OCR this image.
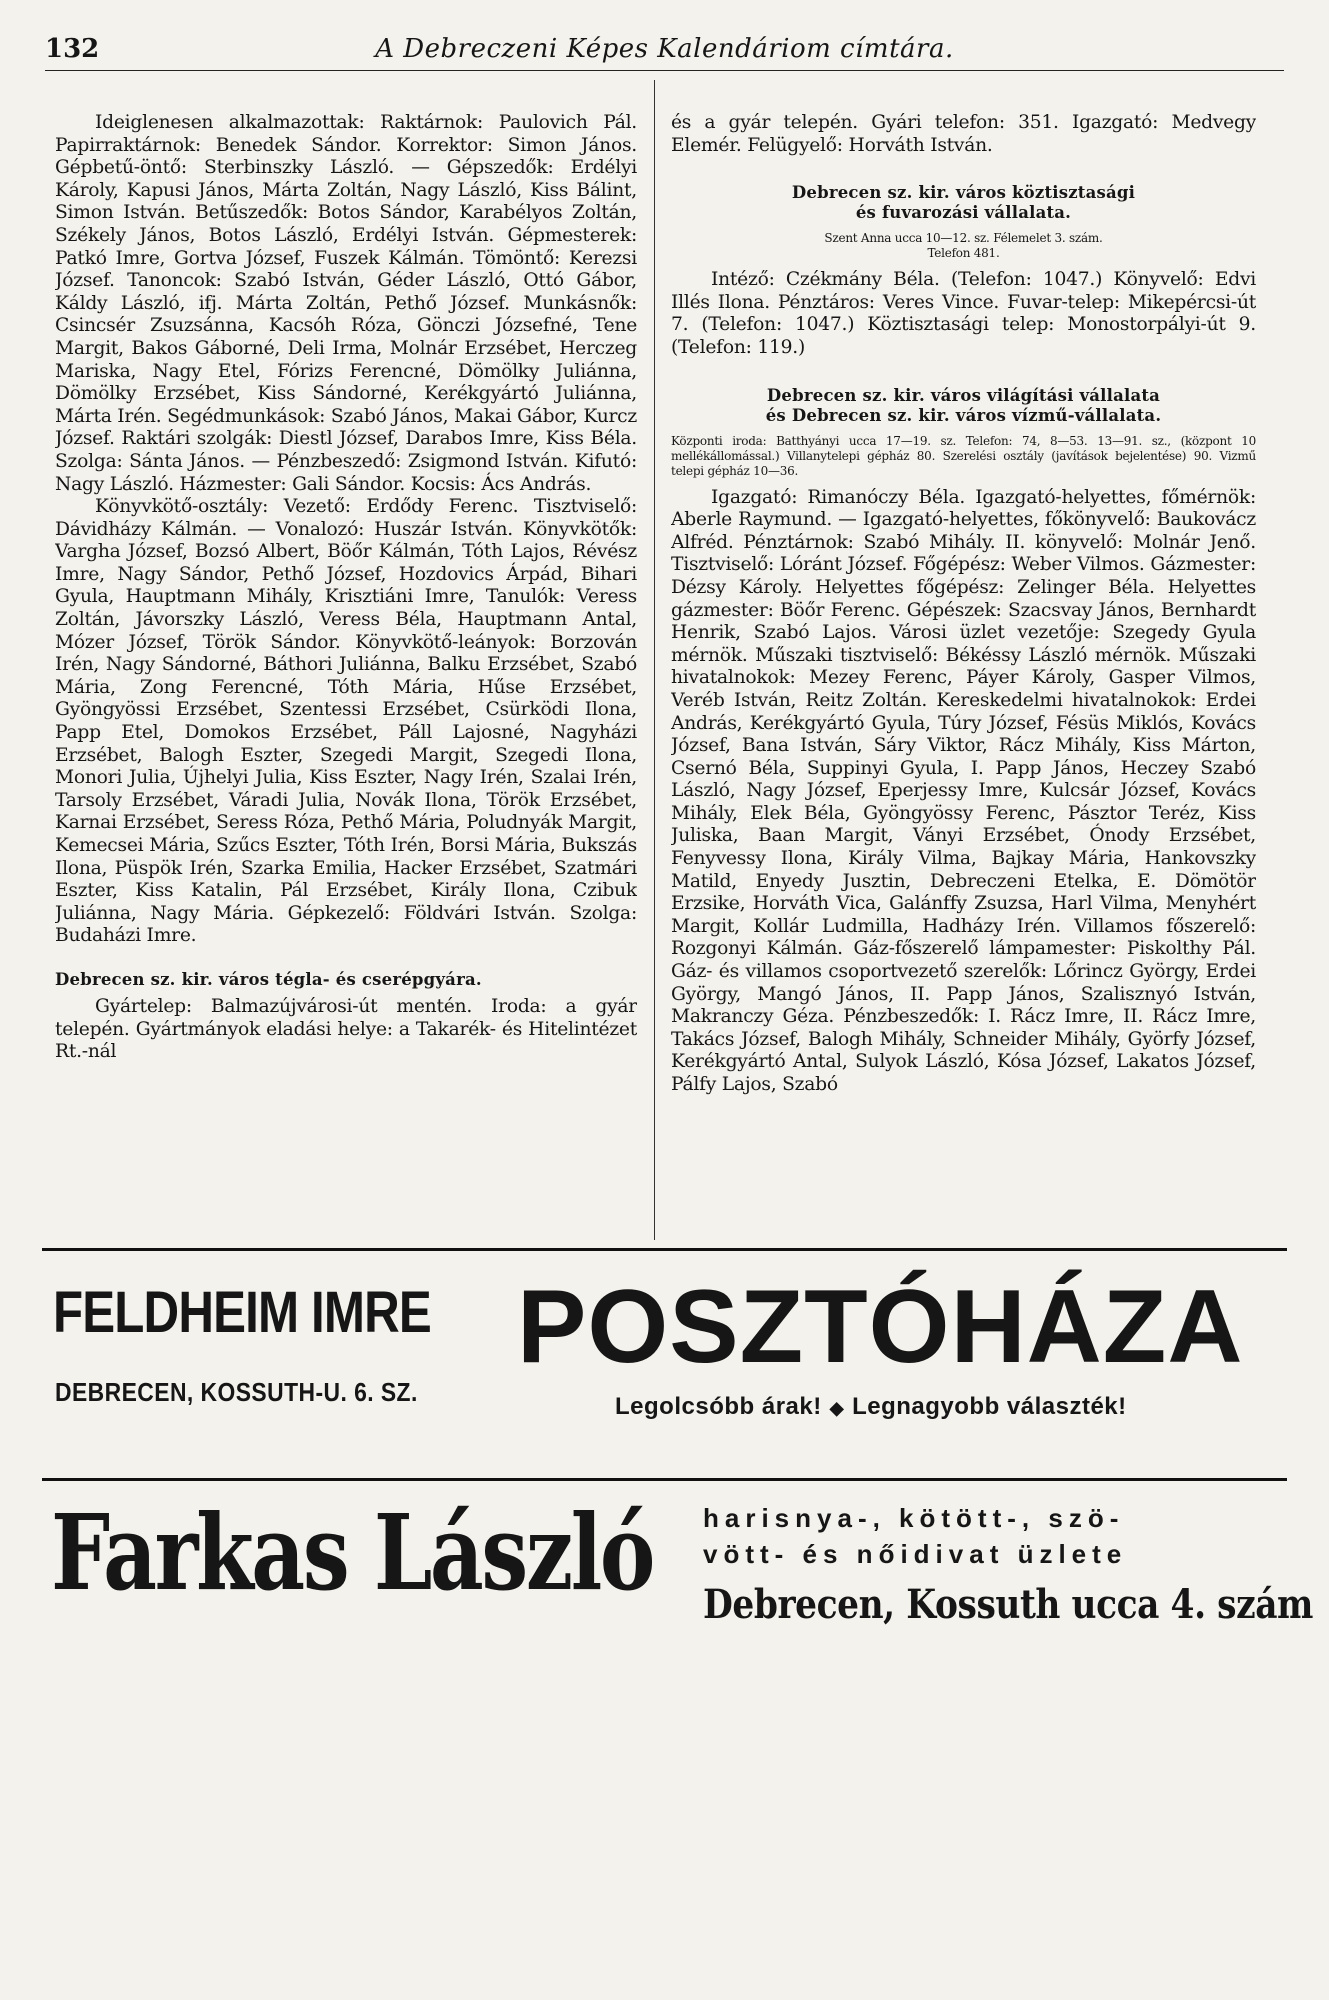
132	A Debreczeni Képes Kalendáriom címtára.

Ideiglenesen alkalmazottak: Raktárnok: Paulovich Pál. Papirraktárnok: Benedek Sándor. Korrektor: Simon János. Gépbetű-öntő: Sterbinszky László. — Gépszedők: Erdélyi Károly, Kapusi János, Márta Zoltán, Nagy László, Kiss Bálint, Simon István. Betűszedők: Botos Sándor, Karabélyos Zoltán, Székely János, Botos László, Erdélyi István. Gépmesterek: Patkó Imre, Gortva József, Fuszek Kálmán. Tömöntő: Kerezsi József. Tanoncok: Szabó István, Géder László, Ottó Gábor, Káldy László, ifj. Márta Zoltán, Pethő József. Munkásnők: Csincsér Zsuzsánna, Kacsóh Róza, Gönczi Józsefné, Tene Margit, Bakos Gáborné, Deli Irma, Molnár Erzsébet, Herczeg Mariska, Nagy Etel, Fórizs Ferencné, Dömölky Juliánna, Dömölky Erzsébet, Kiss Sándorné, Kerékgyártó Juliánna, Márta Irén. Segédmunkások: Szabó János, Makai Gábor, Kurcz József. Raktári szolgák: Diestl József, Darabos Imre, Kiss Béla. Szolga: Sánta János. — Pénzbeszedő: Zsigmond István. Kifutó: Nagy László. Házmester: Gali Sándor. Kocsis: Ács András.

Könyvkötő-osztály: Vezető: Erdődy Ferenc. Tisztviselő: Dávidházy Kálmán. — Vonalozó: Huszár István. Könyvkötők: Vargha József, Bozsó Albert, Böőr Kálmán, Tóth Lajos, Révész Imre, Nagy Sándor, Pethő József, Hozdovics Árpád, Bihari Gyula, Hauptmann Mihály, Krisztiáni Imre, Tanulók: Veress Zoltán, Jávorszky László, Veress Béla, Hauptmann Antal, Mózer József, Török Sándor. Könyvkötő-leányok: Borzován Irén, Nagy Sándorné, Báthori Juliánna, Balku Erzsébet, Szabó Mária, Zong Ferencné, Tóth Mária, Hűse Erzsébet, Gyöngyössi Erzsébet, Szentessi Erzsébet, Csürködi Ilona, Papp Etel, Domokos Erzsébet, Páll Lajosné, Nagyházi Erzsébet, Balogh Eszter, Szegedi Margit, Szegedi Ilona, Monori Julia, Újhelyi Julia, Kiss Eszter, Nagy Irén, Szalai Irén, Tarsoly Erzsébet, Váradi Julia, Novák Ilona, Török Erzsébet, Karnai Erzsébet, Seress Róza, Pethő Mária, Poludnyák Margit, Kemecsei Mária, Szűcs Eszter, Tóth Irén, Borsi Mária, Bukszás Ilona, Püspök Irén, Szarka Emilia, Hacker Erzsébet, Szatmári Eszter, Kiss Katalin, Pál Erzsébet, Király Ilona, Czibuk Juliánna, Nagy Mária. Gépkezelő: Földvári István. Szolga: Budaházi Imre.

Debrecen sz. kir. város tégla- és cserépgyára.

Gyártelep: Balmazújvárosi-út mentén. Iroda: a gyár telepén. Gyártmányok eladási helye: a Takarék- és Hitelintézet Rt.-nál

és a gyár telepén. Gyári telefon: 351. Igazgató: Medvegy Elemér. Felügyelő: Horváth István.

Debrecen sz. kir. város köztisztasági
és fuvarozási vállalata.
Szent Anna ucca 10—12. sz. Félemelet 3. szám.
Telefon 481.

Intéző: Czékmány Béla. (Telefon: 1047.) Könyvelő: Edvi Illés Ilona. Pénztáros: Veres Vince. Fuvar-telep: Mikepércsi-út 7. (Telefon: 1047.) Köztisztasági telep: Monostorpályi-út 9. (Telefon: 119.)

Debrecen sz. kir. város világítási vállalata
és Debrecen sz. kir. város vízmű-vállalata.
Központi iroda: Batthyányi ucca 17—19. sz. Telefon: 74, 8—53. 13—91. sz., (központ 10 mellékállomással.) Villanytelepi gépház 80. Szerelési osztály (javítások bejelentése) 90. Vizmű telepi gépház 10—36.

Igazgató: Rimanóczy Béla. Igazgató-helyettes, főmérnök: Aberle Raymund. — Igazgató-helyettes, főkönyvelő: Baukovácz Alfréd. Pénztárnok: Szabó Mihály. II. könyvelő: Molnár Jenő. Tisztviselő: Lóránt József. Főgépész: Weber Vilmos. Gázmester: Dézsy Károly. Helyettes főgépész: Zelinger Béla. Helyettes gázmester: Böőr Ferenc. Gépészek: Szacsvay János, Bernhardt Henrik, Szabó Lajos. Városi üzlet vezetője: Szegedy Gyula mérnök. Műszaki tisztviselő: Békéssy László mérnök. Műszaki hivatalnokok: Mezey Ferenc, Páyer Károly, Gasper Vilmos, Veréb István, Reitz Zoltán. Kereskedelmi hivatalnokok: Erdei András, Kerékgyártó Gyula, Túry József, Fésüs Miklós, Kovács József, Bana István, Sáry Viktor, Rácz Mihály, Kiss Márton, Csernó Béla, Suppinyi Gyula, I. Papp János, Heczey Szabó László, Nagy József, Eperjessy Imre, Kulcsár József, Kovács Mihály, Elek Béla, Gyöngyössy Ferenc, Pásztor Teréz, Kiss Juliska, Baan Margit, Ványi Erzsébet, Ónody Erzsébet, Fenyvessy Ilona, Király Vilma, Bajkay Mária, Hankovszky Matild, Enyedy Jusztin, Debreczeni Etelka, E. Dömötör Erzsike, Horváth Vica, Galánffy Zsuzsa, Harl Vilma, Menyhért Margit, Kollár Ludmilla, Hadházy Irén. Villamos főszerelő: Rozgonyi Kálmán. Gáz-főszerelő lámpamester: Piskolthy Pál. Gáz- és villamos csoportvezető szerelők: Lőrincz György, Erdei György, Mangó János, II. Papp János, Szalisznyó István, Makranczy Géza. Pénzbeszedők: I. Rácz Imre, II. Rácz Imre, Takács József, Balogh Mihály, Schneider Mihály, Györfy József, Kerékgyártó Antal, Sulyok László, Kósa József, Lakatos József, Pálfy Lajos, Szabó

FELDHEIM IMRE
DEBRECEN, KOSSUTH-U. 6. SZ.
POSZTÓHÁZA
Legolcsóbb árak! ◆ Legnagyobb választék!
Farkas László harisnya-, kötött-, szö-
vött- és nőidivat üzlete
Debrecen, Kossuth ucca 4. szám
